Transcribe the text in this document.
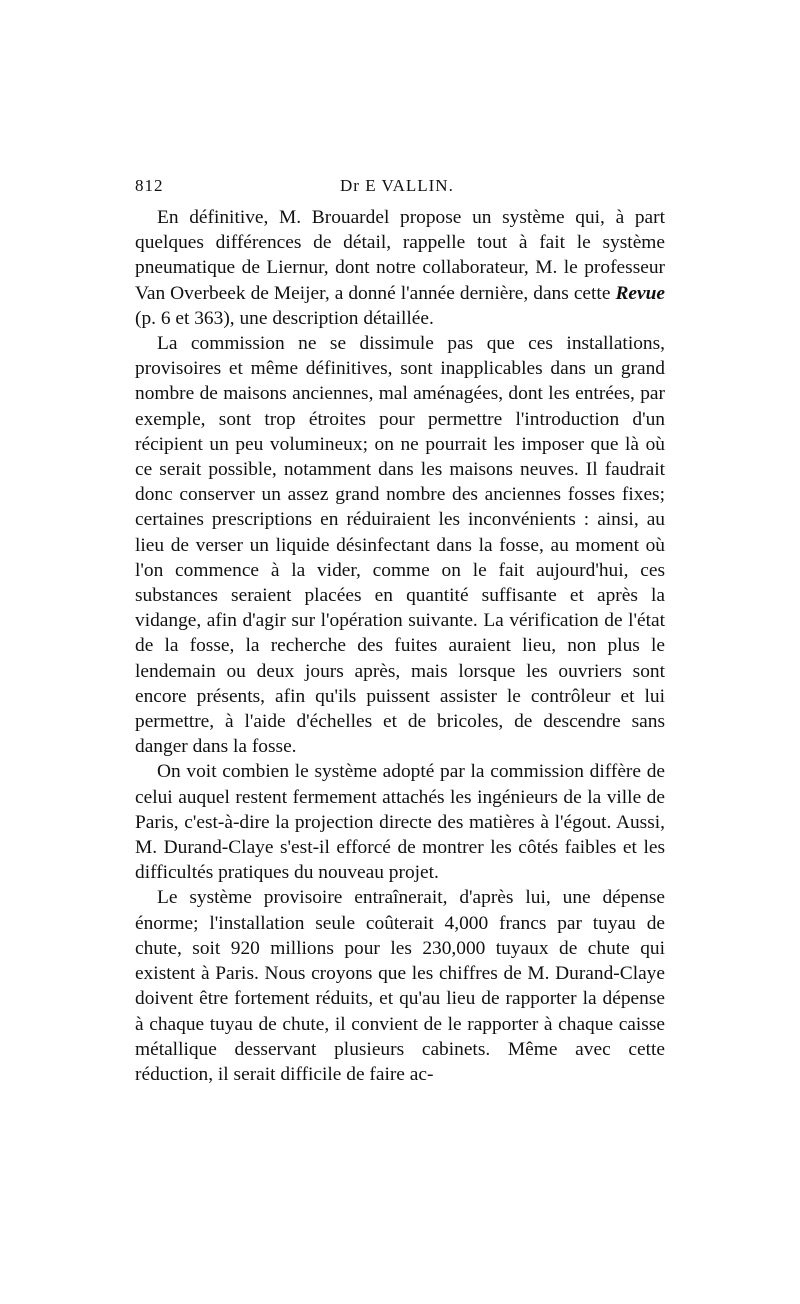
812	Dr E VALLIN.

En définitive, M. Brouardel propose un système qui, à part quelques différences de détail, rappelle tout à fait le système pneumatique de Liernur, dont notre collaborateur, M. le professeur Van Overbeek de Meijer, a donné l'année dernière, dans cette Revue (p. 6 et 363), une description détaillée.

La commission ne se dissimule pas que ces installations, provisoires et même définitives, sont inapplicables dans un grand nombre de maisons anciennes, mal aménagées, dont les entrées, par exemple, sont trop étroites pour permettre l'introduction d'un récipient un peu volumineux; on ne pourrait les imposer que là où ce serait possible, notamment dans les maisons neuves. Il faudrait donc conserver un assez grand nombre des anciennes fosses fixes; certaines prescriptions en réduiraient les inconvénients : ainsi, au lieu de verser un liquide désinfectant dans la fosse, au moment où l'on commence à la vider, comme on le fait aujourd'hui, ces substances seraient placées en quantité suffisante et après la vidange, afin d'agir sur l'opération suivante. La vérification de l'état de la fosse, la recherche des fuites auraient lieu, non plus le lendemain ou deux jours après, mais lorsque les ouvriers sont encore présents, afin qu'ils puissent assister le contrôleur et lui permettre, à l'aide d'échelles et de bricoles, de descendre sans danger dans la fosse.

On voit combien le système adopté par la commission diffère de celui auquel restent fermement attachés les ingénieurs de la ville de Paris, c'est-à-dire la projection directe des matières à l'égout. Aussi, M. Durand-Claye s'est-il efforcé de montrer les côtés faibles et les difficultés pratiques du nouveau projet.

Le système provisoire entraînerait, d'après lui, une dépense énorme; l'installation seule coûterait 4,000 francs par tuyau de chute, soit 920 millions pour les 230,000 tuyaux de chute qui existent à Paris. Nous croyons que les chiffres de M. Durand-Claye doivent être fortement réduits, et qu'au lieu de rapporter la dépense à chaque tuyau de chute, il convient de le rapporter à chaque caisse métallique desservant plusieurs cabinets. Même avec cette réduction, il serait difficile de faire ac-
